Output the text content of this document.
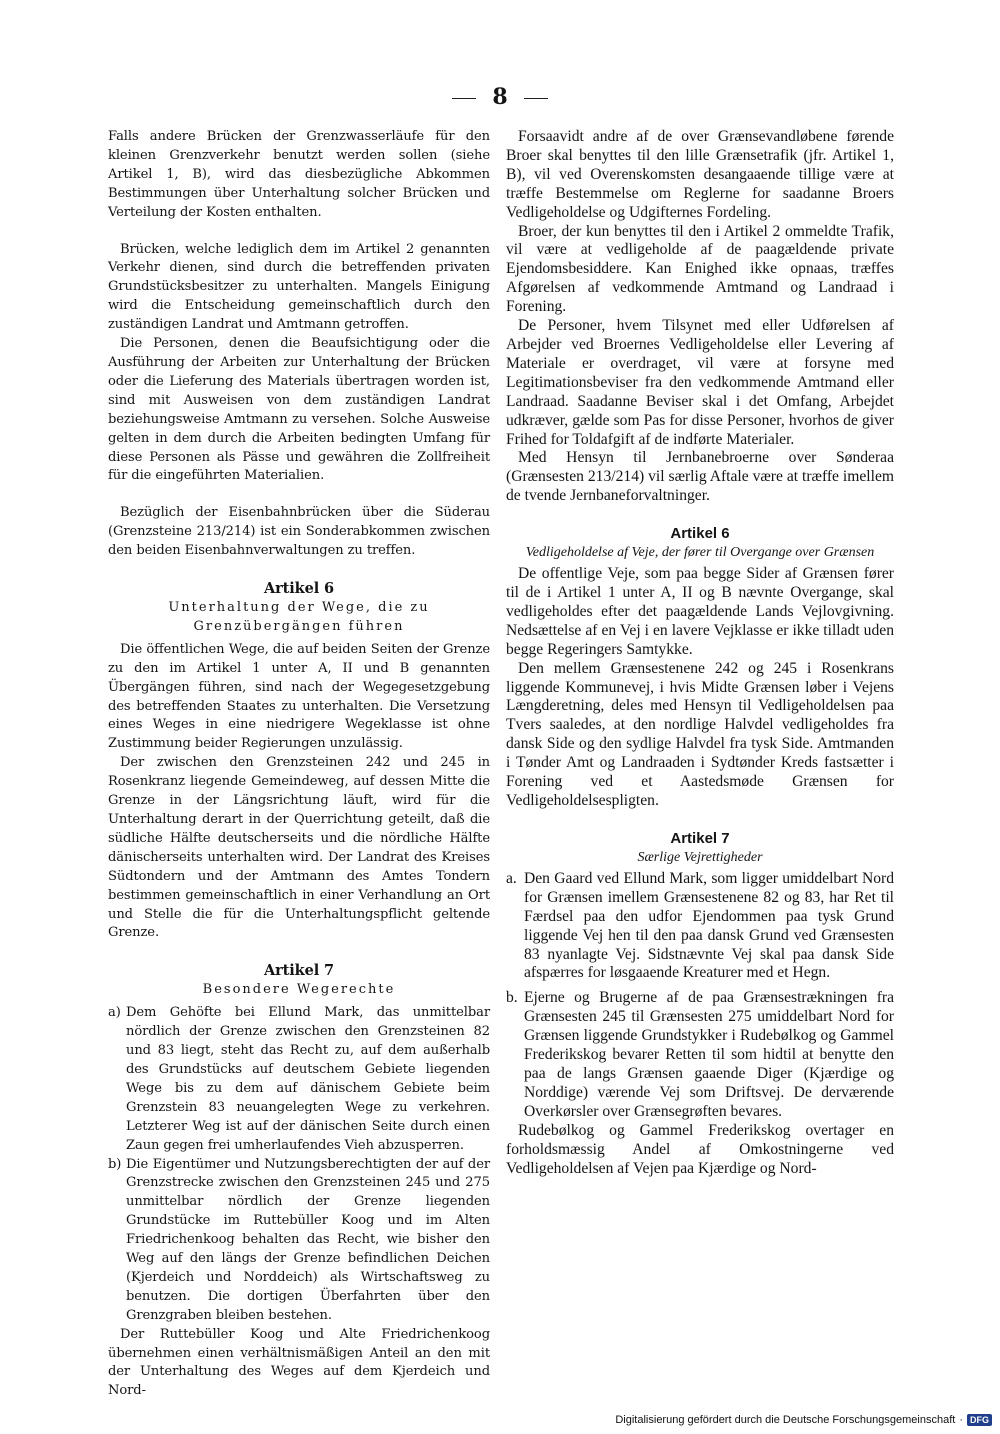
8

Falls andere Brücken der Grenzwasserläufe für den kleinen Grenzverkehr benutzt werden sollen (siehe Artikel 1, B), wird das diesbezügliche Abkommen Bestimmungen über Unterhaltung solcher Brücken und Verteilung der Kosten enthalten.

Brücken, welche lediglich dem im Artikel 2 genannten Verkehr dienen, sind durch die betreffenden privaten Grundstücksbesitzer zu unterhalten. Mangels Einigung wird die Entscheidung gemeinschaftlich durch den zuständigen Landrat und Amtmann getroffen.

Die Personen, denen die Beaufsichtigung oder die Ausführung der Arbeiten zur Unterhaltung der Brücken oder die Lieferung des Materials übertragen worden ist, sind mit Ausweisen von dem zuständigen Landrat beziehungsweise Amtmann zu versehen. Solche Ausweise gelten in dem durch die Arbeiten bedingten Umfang für diese Personen als Pässe und gewähren die Zollfreiheit für die eingeführten Materialien.

Bezüglich der Eisenbahnbrücken über die Süderau (Grenzsteine 213/214) ist ein Sonderabkommen zwischen den beiden Eisenbahnverwaltungen zu treffen.

Artikel 6
Unterhaltung der Wege, die zu Grenzübergängen führen

Die öffentlichen Wege, die auf beiden Seiten der Grenze zu den im Artikel 1 unter A, II und B genannten Übergängen führen, sind nach der Wegegesetzgebung des betreffenden Staates zu unterhalten. Die Versetzung eines Weges in eine niedrigere Wegeklasse ist ohne Zustimmung beider Regierungen unzulässig.

Der zwischen den Grenzsteinen 242 und 245 in Rosenkranz liegende Gemeindeweg, auf dessen Mitte die Grenze in der Längsrichtung läuft, wird für die Unterhaltung derart in der Querrichtung geteilt, daß die südliche Hälfte deutscherseits und die nördliche Hälfte dänischerseits unterhalten wird. Der Landrat des Kreises Südtondern und der Amtmann des Amtes Tondern bestimmen gemeinschaftlich in einer Verhandlung an Ort und Stelle die für die Unterhaltungspflicht geltende Grenze.

Artikel 7
Besondere Wegerechte
a) Dem Gehöfte bei Ellund Mark, das unmittelbar nördlich der Grenze zwischen den Grenzsteinen 82 und 83 liegt, steht das Recht zu, auf dem außerhalb des Grundstücks auf deutschem Gebiete liegenden Wege bis zu dem auf dänischem Gebiete beim Grenzstein 83 neuangelegten Wege zu verkehren. Letzterer Weg ist auf der dänischen Seite durch einen Zaun gegen frei umherlaufendes Vieh abzusperren.

b) Die Eigentümer und Nutzungsberechtigten der auf der Grenzstrecke zwischen den Grenzsteinen 245 und 275 unmittelbar nördlich der Grenze liegenden Grundstücke im Ruttebüller Koog und im Alten Friedrichenkoog behalten das Recht, wie bisher den Weg auf den längs der Grenze befindlichen Deichen (Kjerdeich und Norddeich) als Wirtschaftsweg zu benutzen. Die dortigen Überfahrten über den Grenzgraben bleiben bestehen.

Der Ruttebüller Koog und Alte Friedrichenkoog übernehmen einen verhältnismäßigen Anteil an den mit der Unterhaltung des Weges auf dem Kjerdeich und Nord-

Forsaavidt andre af de over Grænsevandløbene førende Broer skal benyttes til den lille Grænsetrafik (jfr. Artikel 1, B), vil ved Overenskomsten desangaaende tillige være at træffe Bestemmelse om Reglerne for saadanne Broers Vedligeholdelse og Udgifternes Fordeling.

Broer, der kun benyttes til den i Artikel 2 ommeldte Trafik, vil være at vedligeholde af de paagældende private Ejendomsbesiddere. Kan Enighed ikke opnaas, træffes Afgørelsen af vedkommende Amtmand og Landraad i Forening.

De Personer, hvem Tilsynet med eller Udførelsen af Arbejder ved Broernes Vedligeholdelse eller Levering af Materiale er overdraget, vil være at forsyne med Legitimationsbeviser fra den vedkommende Amtmand eller Landraad. Saadanne Beviser skal i det Omfang, Arbejdet udkræver, gælde som Pas for disse Personer, hvorhos de giver Frihed for Toldafgift af de indførte Materialer.

Med Hensyn til Jernbanebroerne over Sønderaa (Grænsesten 213/214) vil særlig Aftale være at træffe imellem de tvende Jernbaneforvaltninger.

Artikel 6
Vedligeholdelse af Veje, der fører til Overgange over Grænsen

De offentlige Veje, som paa begge Sider af Grænsen fører til de i Artikel 1 unter A, II og B nævnte Overgange, skal vedligeholdes efter det paagældende Lands Vejlovgivning. Nedsættelse af en Vej i en lavere Vejklasse er ikke tilladt uden begge Regeringers Samtykke.

Den mellem Grænsestenene 242 og 245 i Rosenkrans liggende Kommunevej, i hvis Midte Grænsen løber i Vejens Længderetning, deles med Hensyn til Vedligeholdelsen paa Tvers saaledes, at den nordlige Halvdel vedligeholdes fra dansk Side og den sydlige Halvdel fra tysk Side. Amtmanden i Tønder Amt og Landraaden i Sydtønder Kreds fastsætter i Forening ved et Aastedsmøde Grænsen for Vedligeholdelsespligten.

Artikel 7
Særlige Vejrettigheder
a. Den Gaard ved Ellund Mark, som ligger umiddelbart Nord for Grænsen imellem Grænsestenene 82 og 83, har Ret til Færdsel paa den udfor Ejendommen paa tysk Grund liggende Vej hen til den paa dansk Grund ved Grænsesten 83 nyanlagte Vej. Sidstnævnte Vej skal paa dansk Side afspærres for løsgaaende Kreaturer med et Hegn.

b. Ejerne og Brugerne af de paa Grænsestrækningen fra Grænsesten 245 til Grænsesten 275 umiddelbart Nord for Grænsen liggende Grundstykker i Rudebølkog og Gammel Frederikskog bevarer Retten til som hidtil at benytte den paa de langs Grænsen gaaende Diger (Kjærdige og Norddige) værende Vej som Driftsvej. De derværende Overkørsler over Grænsegrøften bevares.

Rudebølkog og Gammel Frederikskog overtager en forholdsmæssig Andel af Omkostningerne ved Vedligeholdelsen af Vejen paa Kjærdige og Nord-

Digitalisierung gefördert durch die Deutsche Forschungsgemeinschaft · DFG
